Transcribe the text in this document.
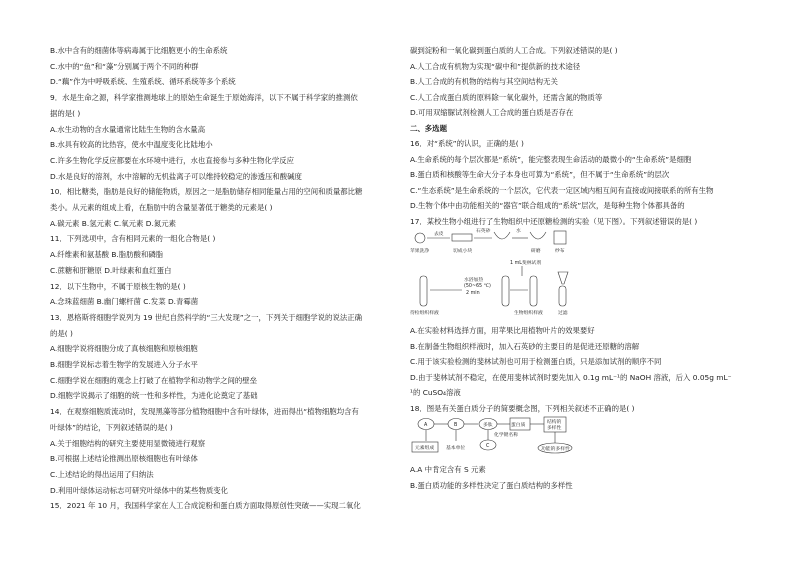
B.水中含有的细菌体等病毒属于比细胞更小的生命系统
C.水中的“鱼”和“藻”分别属于两个不同的种群
D.“藕”作为中呼吸系统、生殖系统、循环系统等多个系统
9．水是生命之源，科学家推测地球上的原始生命诞生于原始海洋，以下不属于科学家的推测依
据的是( )
A.水生动物的含水量通常比陆生生物的含水量高
B.水具有较高的比热容，使水中温度变化比陆地小
C.许多生物化学反应都要在水环境中进行，水也直接参与多种生物化学反应
D.水是良好的溶剂，水中溶解的无机盐离子可以维持较稳定的渗透压和酸碱度
10．相比糖类，脂肪是良好的储能物质，原因之一是脂肪储存相同能量占用的空间和质量都比糖
类小。从元素的组成上看，在脂肪中的含量显著低于糖类的元素是( )
A.碳元素 B.氢元素 C.氧元素 D.氮元素
11．下列选项中，含有相同元素的一组化合物是( )
A.纤维素和氨基酸 B.脂肪酸和磷脂
C.蔗糖和肝糖原 D.叶绿素和血红蛋白
12．以下生物中，不属于原核生物的是( )
A.念珠蓝细菌 B.幽门螺杆菌 C.发菜 D.青霉菌
13．恩格斯将细胞学说列为 19 世纪自然科学的“三大发现”之一，下列关于细胞学说的说法正确
的是( )
A.细胞学说将细胞分成了真核细胞和原核细胞
B.细胞学说标志着生物学的发展进入分子水平
C.细胞学说在细胞的观念上打破了在植物学和动物学之间的壁垒
D.细胞学说揭示了细胞的统一性和多样性，为进化论奠定了基础
14．在观察细胞质流动时，发现黑藻等部分植物细胞中含有叶绿体，进而得出“植物细胞均含有
叶绿体”的结论，下列叙述错误的是( )
A.关于细胞结构的研究主要使用显微镜进行观察
B.可根据上述结论推测出原核细胞也有叶绿体
C.上述结论的得出运用了归纳法
D.利用叶绿体运动标志可研究叶绿体中的某些物质变化
15．2021 年 10 月，我国科学家在人工合成淀粉和蛋白质方面取得原创性突破——实现二氧化
碳到淀粉和一氧化碳到蛋白质的人工合成。下列叙述错误的是( )
A.人工合成有机物为实现“碳中和”提供新的技术途径
B.人工合成的有机物的结构与其空间结构无关
C.人工合成蛋白质的原料除一氧化碳外，还需含氮的物质等
D.可用双缩脲试剂检测人工合成的蛋白质是否存在
二、多选题
16．对“系统”的认识，正确的是( )
A.生命系统的每个层次都是“系统”，能完整表现生命活动的最微小的“生命系统”是细胞
B.蛋白质和核酸等生命大分子本身也可算为“系统”，但不属于“生命系统”的层次
C.“生态系统”是生命系统的一个层次，它代表一定区域内相互间有直接或间接联系的所有生物
D.生物个体中由功能相关的“器官”联合组成的“系统”层次，是每种生物个体都具备的
17．某校生物小组进行了生物组织中还原糖检测的实验（见下图）。下列叙述错误的是( )
去皮
石英砂	水
苹果洗净	切成小块	研磨	纱布
1 mL斐林试剂
水浴加热
(50~65 ℃)
2 min
待检组织样液	生物组织样液	过滤
A.在实验材料选择方面，用苹果比用植物叶片的效果要好
B.在制备生物组织样液时，加入石英砂的主要目的是促进还原糖的溶解
C.用于该实验检测的斐林试剂也可用于检测蛋白质，只是添加试剂的顺序不同
D.由于斐林试剂不稳定，在使用斐林试剂时要先加入 0.1g mL⁻¹的 NaOH 溶液，后入 0.05g mL⁻
¹的 CuSO₄溶液
18．图是有关蛋白质分子的简要概念图，下列相关叙述不正确的是( )
A	B	多肽	蛋白质
结构的
多样性
功能的多样性
元素组成 基本单位	C
化学键名称
A.A 中肯定含有 S 元素
B.蛋白质功能的多样性决定了蛋白质结构的多样性
